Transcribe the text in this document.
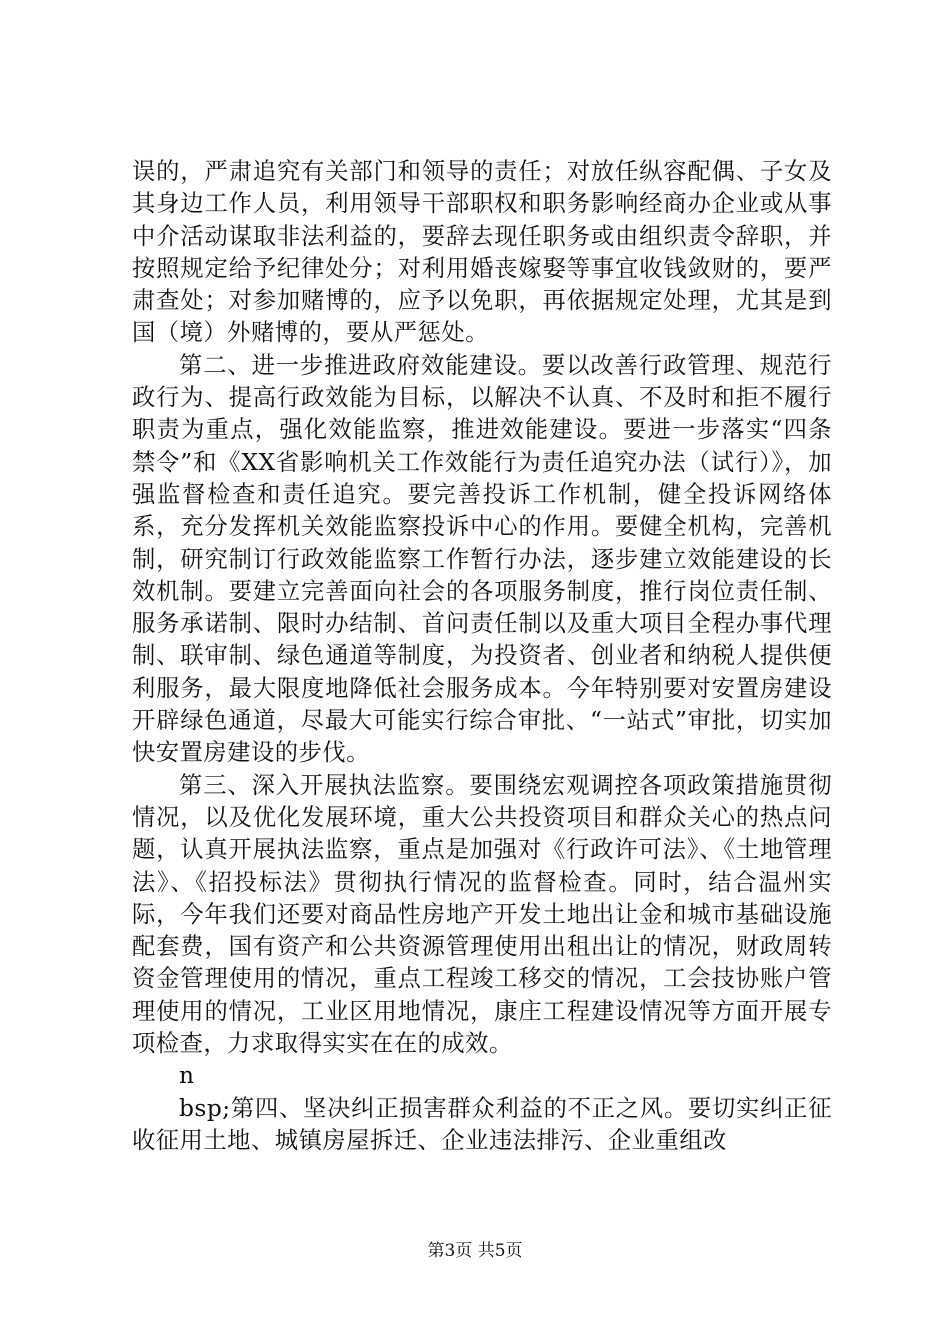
误的，严肃追究有关部门和领导的责任；对放任纵容配偶、子女及其身边工作人员，利用领导干部职权和职务影响经商办企业或从事中介活动谋取非法利益的，要辞去现任职务或由组织责令辞职，并按照规定给予纪律处分；对利用婚丧嫁娶等事宜收钱敛财的，要严肃查处；对参加赌博的，应予以免职，再依据规定处理，尤其是到国（境）外赌博的，要从严惩处。

第二、进一步推进政府效能建设。要以改善行政管理、规范行政行为、提高行政效能为目标，以解决不认真、不及时和拒不履行职责为重点，强化效能监察，推进效能建设。要进一步落实“四条禁令”和《XX省影响机关工作效能行为责任追究办法（试行）》，加强监督检查和责任追究。要完善投诉工作机制，健全投诉网络体系，充分发挥机关效能监察投诉中心的作用。要健全机构，完善机制，研究制订行政效能监察工作暂行办法，逐步建立效能建设的长效机制。要建立完善面向社会的各项服务制度，推行岗位责任制、服务承诺制、限时办结制、首问责任制以及重大项目全程办事代理制、联审制、绿色通道等制度，为投资者、创业者和纳税人提供便利服务，最大限度地降低社会服务成本。今年特别要对安置房建设开辟绿色通道，尽最大可能实行综合审批、“一站式”审批，切实加快安置房建设的步伐。

第三、深入开展执法监察。要围绕宏观调控各项政策措施贯彻情况，以及优化发展环境，重大公共投资项目和群众关心的热点问题，认真开展执法监察，重点是加强对《行政许可法》、《土地管理法》、《招投标法》贯彻执行情况的监督检查。同时，结合温州实际，今年我们还要对商品性房地产开发土地出让金和城市基础设施配套费，国有资产和公共资源管理使用出租出让的情况，财政周转资金管理使用的情况，重点工程竣工移交的情况，工会技协账户管理使用的情况，工业区用地情况，康庄工程建设情况等方面开展专项检查，力求取得实实在在的成效。

n

bsp;第四、坚决纠正损害群众利益的不正之风。要切实纠正征收征用土地、城镇房屋拆迁、企业违法排污、企业重组改

第3页 共5页
